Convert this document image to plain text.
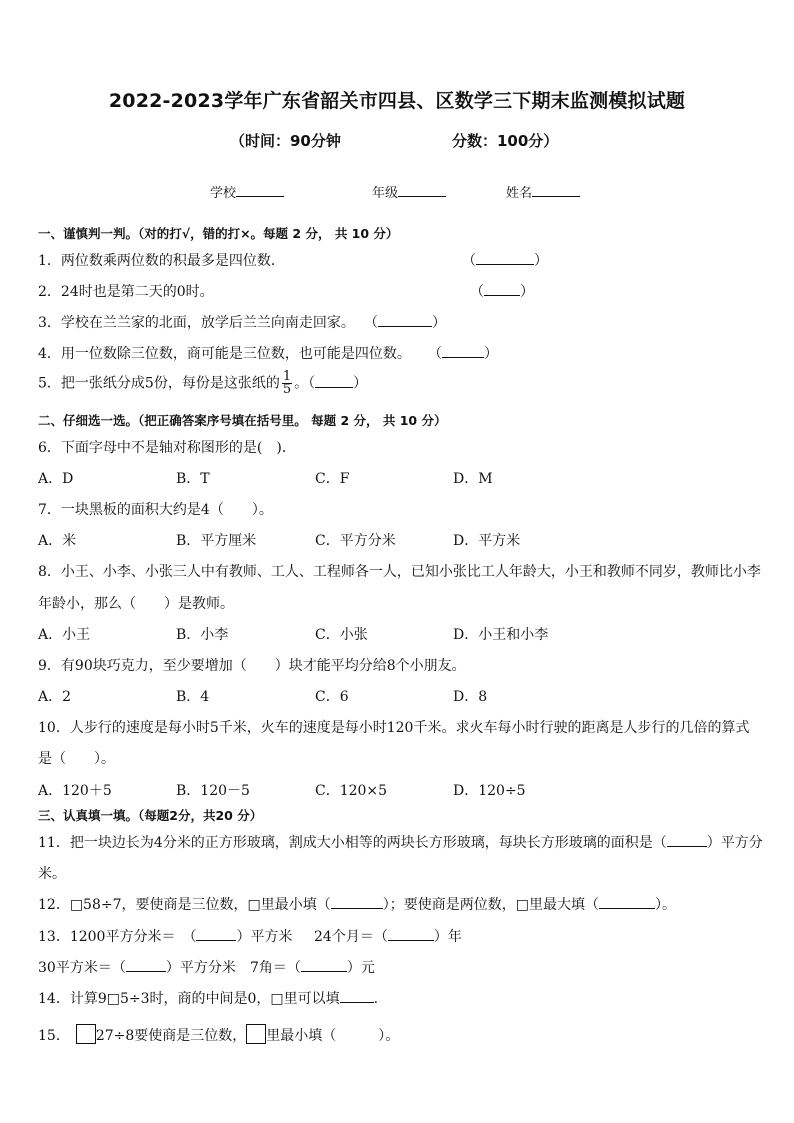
2022-2023学年广东省韶关市四县、区数学三下期末监测模拟试题
（时间：90分钟	分数：100分）
学校	年级	姓名
一、谨慎判一判。（对的打√，错的打×。每题 2 分， 共 10 分）
1．两位数乘两位数的积最多是四位数．	（	）
2．24时也是第二天的0时。	（	）
3．学校在兰兰家的北面，放学后兰兰向南走回家。 （	）
4．用一位数除三位数，商可能是三位数，也可能是四位数。 （	）
5．把一张纸分成5份，每份是这张纸的 $\frac{1}{5}$ 。（	）
二、仔细选一选。（把正确答案序号填在括号里。 每题 2 分， 共 10 分）
6．下面字母中不是轴对称图形的是(　)．
A．D	B．T	C．F	D．M
7．一块黑板的面积大约是4（　　）。
A．米	B．平方厘米	C．平方分米	D．平方米
8．小王、小李、小张三人中有教师、工人、工程师各一人，已知小张比工人年龄大，小王和教师不同岁，教师比小李
年龄小，那么（　　）是教师。
A．小王	B．小李	C．小张	D．小王和小李
9．有90块巧克力，至少要增加（　　）块才能平均分给8个小朋友。
A．2	B．4	C．6	D．8
10．人步行的速度是每小时5千米，火车的速度是每小时120千米。求火车每小时行驶的距离是人步行的几倍的算式
是（　　）。
A．120＋5	B．120－5	C．120×5	D．120÷5
三、认真填一填。（每题2分，共20 分）
11．把一块边长为4分米的正方形玻璃，割成大小相等的两块长方形玻璃，每块长方形玻璃的面积是（	）平方分
米。
12．□58÷7，要使商是三位数，□里最小填（	）；要使商是两位数，□里最大填（	）。
13．1200平方分米＝　（	）平方米 24个月＝（	）年
30平方米＝（	）平方分米 7角＝（	）元
14．计算9□5÷3时，商的中间是0，□里可以填 .
15． 27÷8要使商是三位数， 里最小填（　　　）。
